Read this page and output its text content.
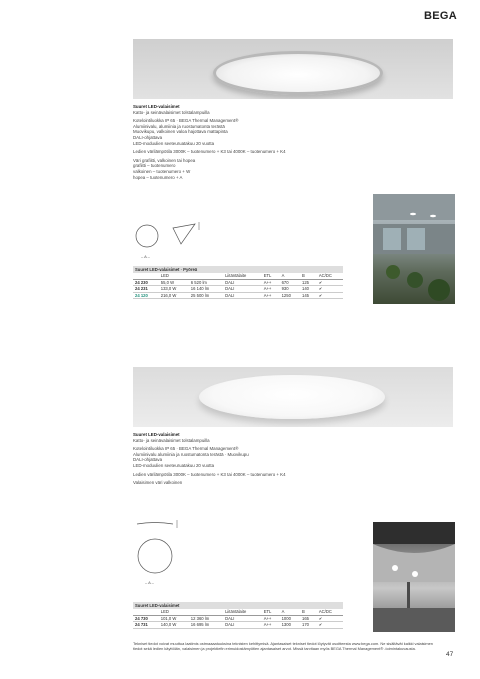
BEGA

Suuret LED-valaisimet

Katto- ja seinävalaisimet tolstalampuilla

Kotelointiluokka IP 65 · BEGA Thermal Management®

Alumiinivalu, alumiinia ja ruostumatonta terästä

Muovikupu, valkoinen valoa hajottava mattapinta

DALI-ohjattava

LED-moduulien seeteuruatakuu 20 vuotta

Ledien värilämpötila 3000K – tuotenumero + K3 tai 4000K – tuotenumero + K4

Väri grafiitti, valkoinen tai hopea

grafiitti – tuotenumero

valkoinen – tuotenumero + W

hopea – tuotenumero + A

– A –
Suuret LED-valaisimet · Pyöreä							
	LED		Liitäntälaite	ETL	A	B	AC/DC
24 230	55,0 W	6 520 lm	DALI	A++	670	125	✔
24 231	133,0 W	16 140 lm	DALI	A++	930	140	✔
24 120	216,0 W	25 500 lm	DALI	A++	1250	145	✔

Suuret LED-valaisimet

Katto- ja seinävalaisimet tolstalampuilla

Kotelointiluokka IP 65 · BEGA Thermal Management®

Alumiinivalu alumiinia ja ruostumatonta terästä · Muovikupu

DALI-ohjattava

LED-moduulien seeteuruatakuu 20 vuotta

Ledien värilämpötila 3000K – tuotenumero + K3 tai 4000K – tuotenumero + K4

Valaisimen väri valkoinen

– A –
Suuret LED-valaisimet							
	LED		Liitäntälaite	ETL	A	B	AC/DC
24 730	101,0 W	12 360 lm	DALI	A++	1000	165	✔
24 731	140,0 W	16 695 lm	DALI	A++	1300	170	✔
Tekniset tiedot voivat muuttua laatimis ostmaaaatuuksina teknisten kehittymisä. Ajantasaiset tekniset tiedot löytyvät osoitteesta www.bega.com. Ne sisältävät kaikki valaisimen tiedot sekä ledien käyttöiän, valaisimen ja projektiefin erimuidostämyötien ajantasaiset arvot. Missä tarvitaan myös BEGA Thermal Management® -toimintakuvausta.
47
